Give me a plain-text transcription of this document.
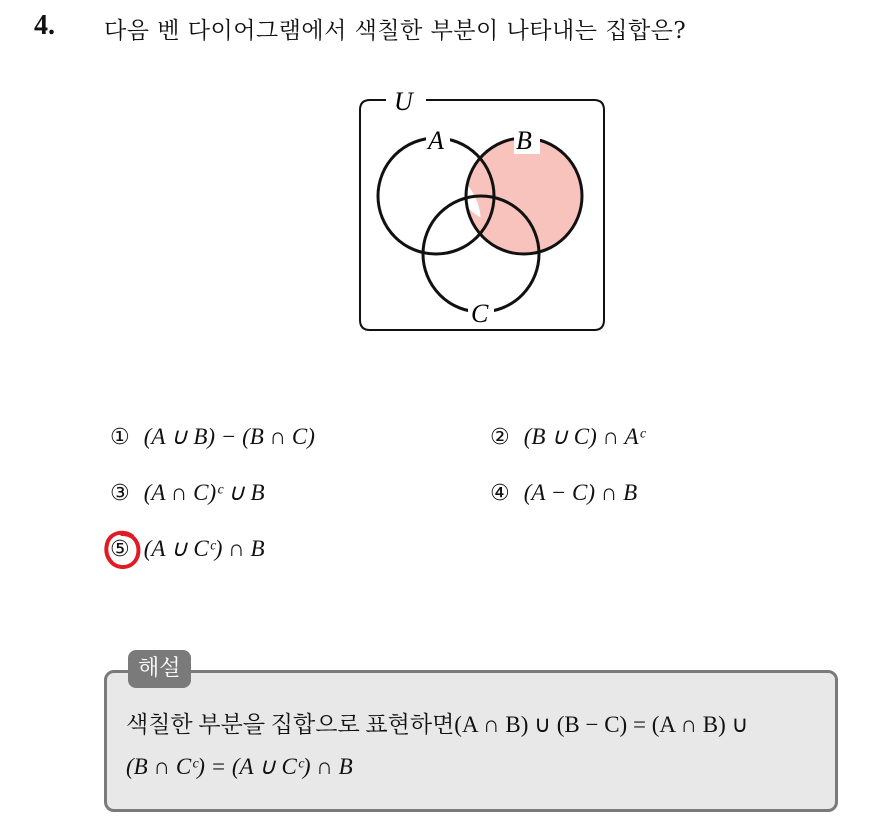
4. 다음 벤 다이어그램에서 색칠한 부분이 나타내는 집합은?
U
A	B
C
① (A ∪ B) − (B ∩ C)	② (B ∪ C) ∩ Aᶜ
③ (A ∩ C)ᶜ ∪ B	④ (A − C) ∩ B
⑤ (A ∪ Cᶜ) ∩ B
해설
색칠한 부분을 집합으로 표현하면(A ∩ B) ∪ (B − C) = (A ∩ B) ∪
(B ∩ Cᶜ) = (A ∪ Cᶜ) ∩ B
